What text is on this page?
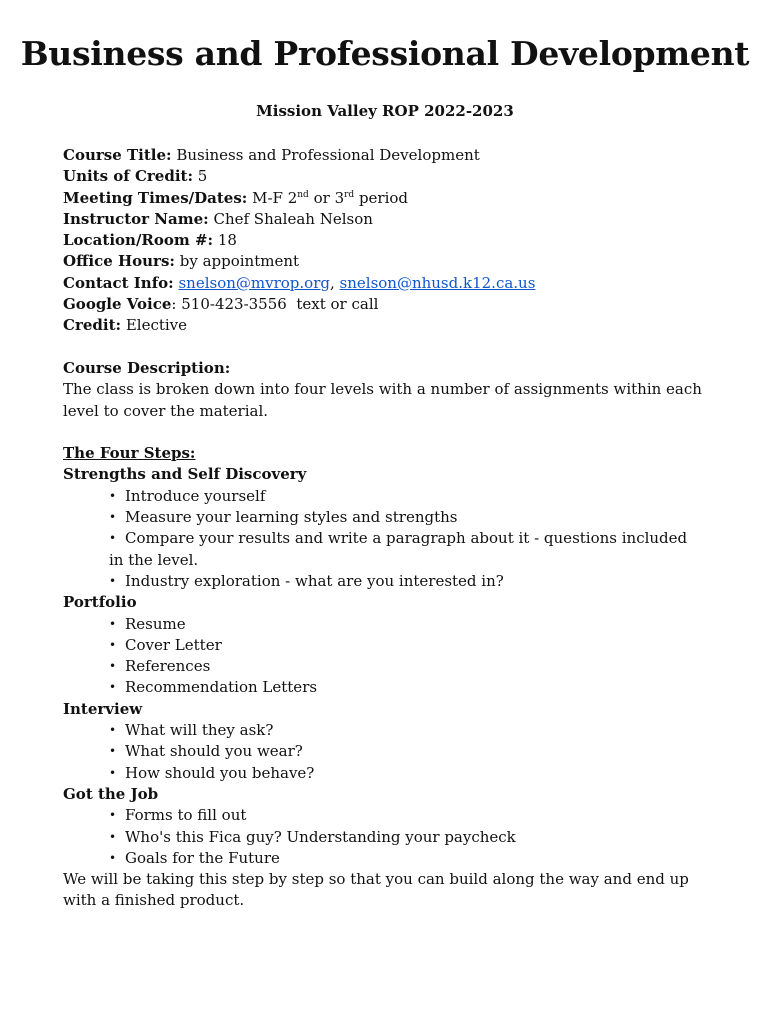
Business and Professional Development

Mission Valley ROP 2022-2023

Course Title: Business and Professional Development

Units of Credit: 5

Meeting Times/Dates: M-F 2nd or 3rd period

Instructor Name: Chef Shaleah Nelson

Location/Room #: 18

Office Hours: by appointment

Contact Info: snelson@mvrop.org, snelson@nhusd.k12.ca.us

Google Voice: 510-423-3556  text or call

Credit: Elective

Course Description:

The class is broken down into four levels with a number of assignments within each level to cover the material.

The Four Steps:

Strengths and Self Discovery

• Introduce yourself
• Measure your learning styles and strengths
• Compare your results and write a paragraph about it - questions included in the level.
• Industry exploration - what are you interested in?

Portfolio

• Resume
• Cover Letter
• References
• Recommendation Letters

Interview

• What will they ask?
• What should you wear?
• How should you behave?

Got the Job

• Forms to fill out
• Who's this Fica guy? Understanding your paycheck
• Goals for the Future

We will be taking this step by step so that you can build along the way and end up with a finished product.
